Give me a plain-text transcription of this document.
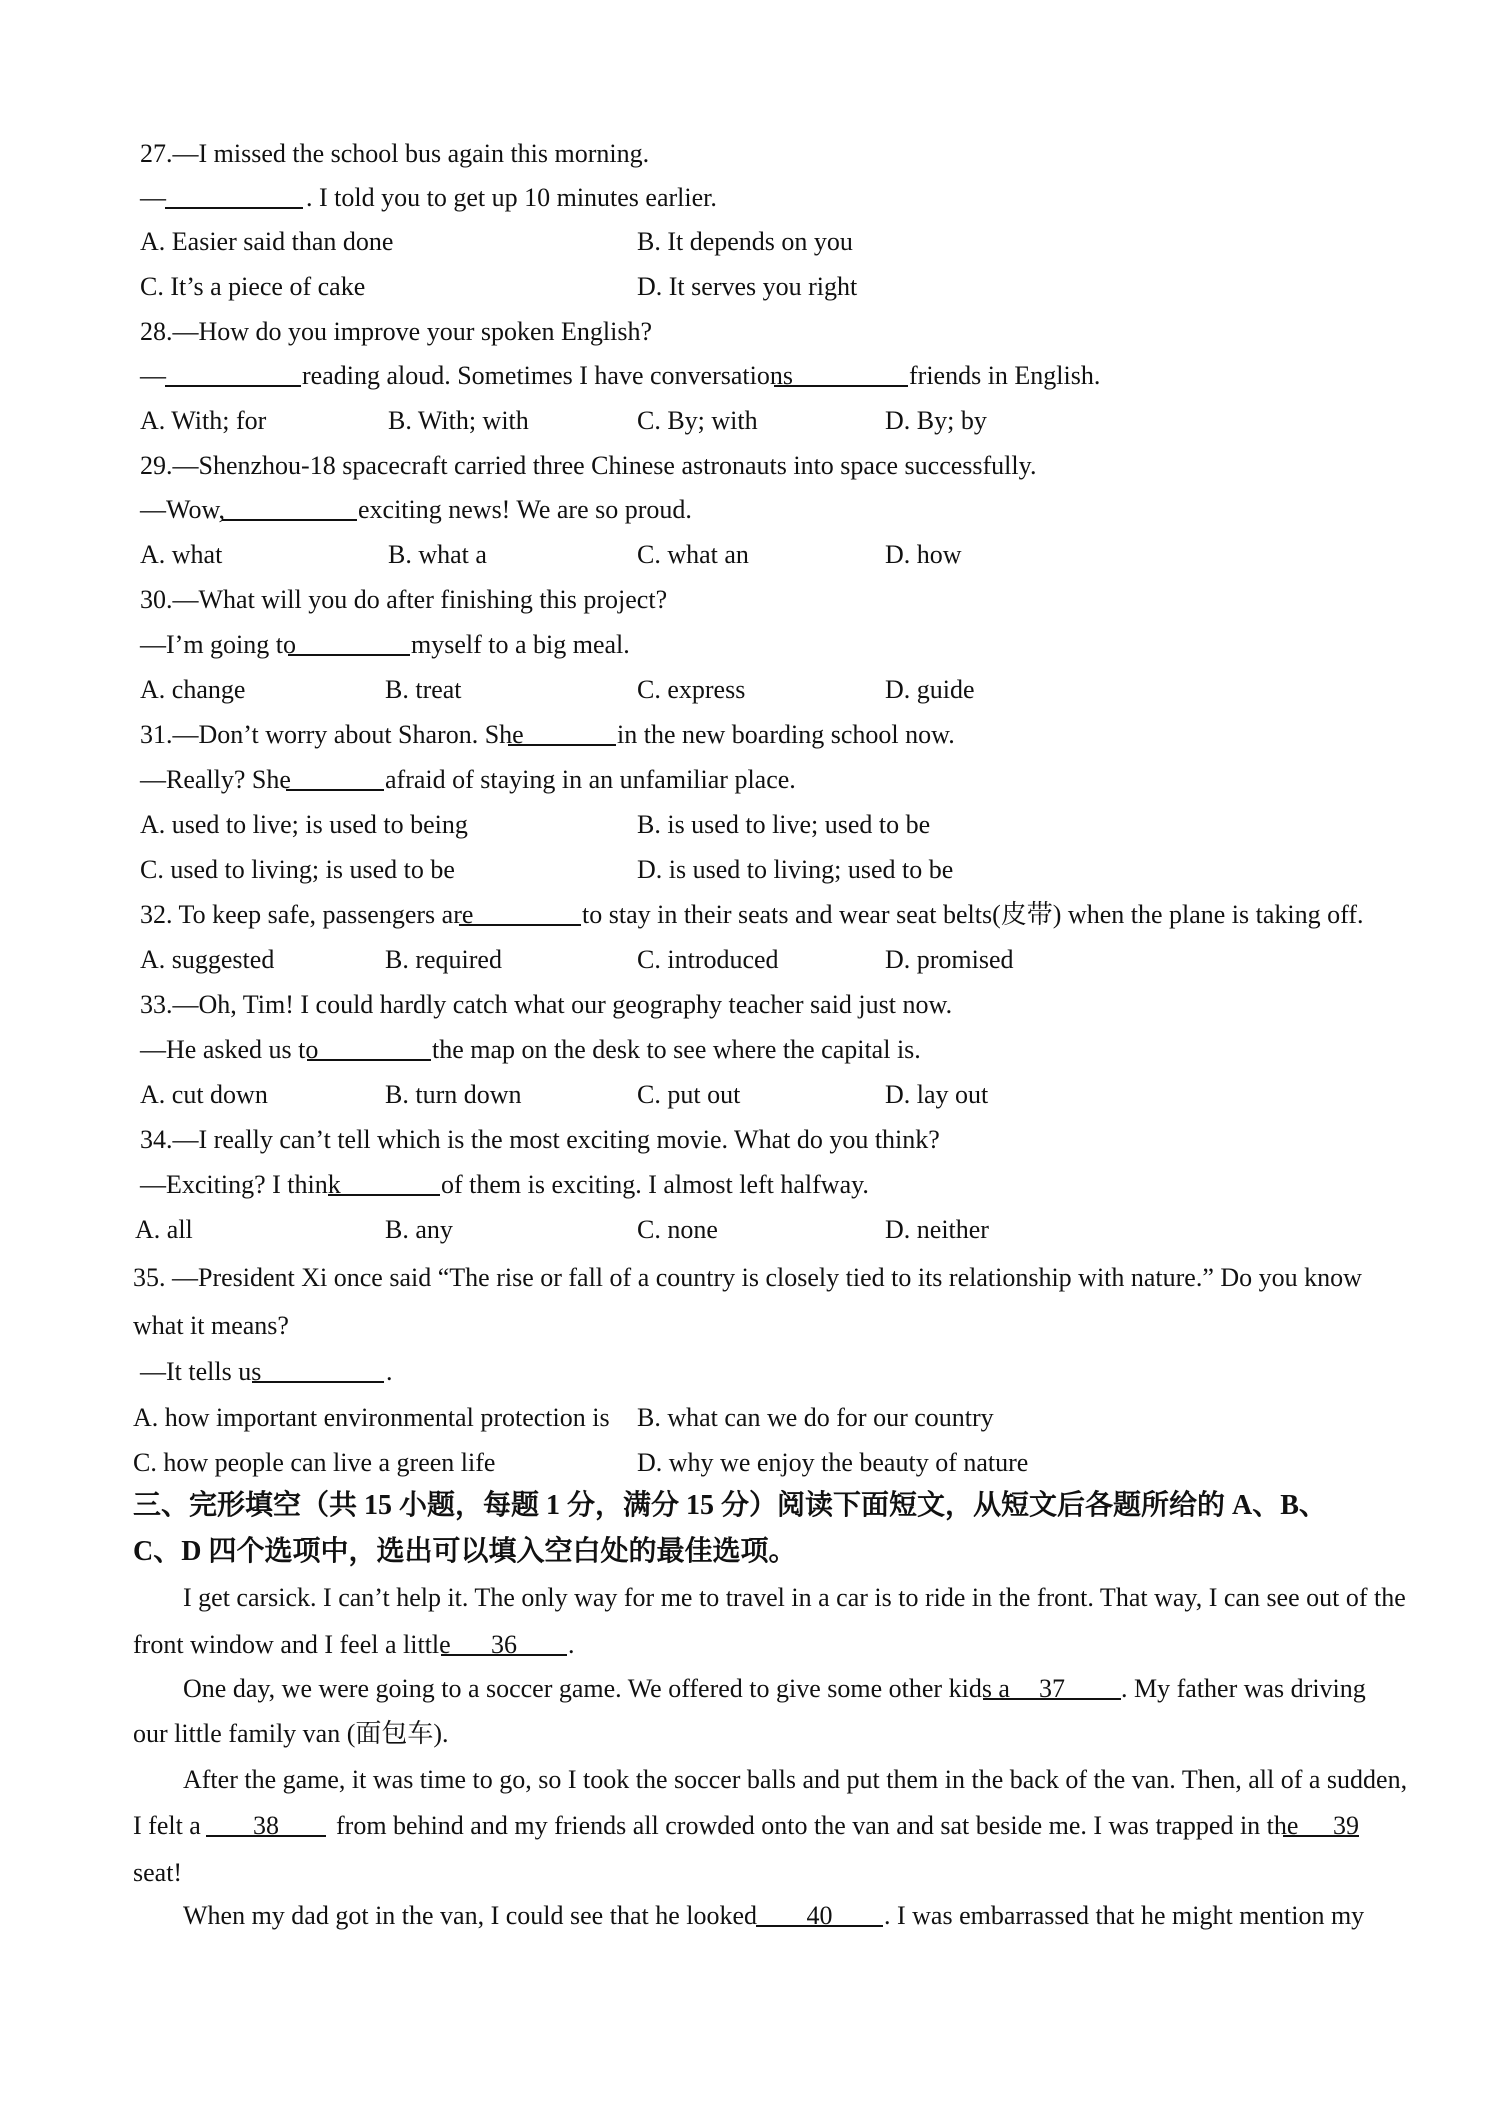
27.—I missed the school bus again this morning.
—	. I told you to get up 10 minutes earlier.
A. Easier said than done	B. It depends on you
C. It’s a piece of cake	D. It serves you right
28.—How do you improve your spoken English?
—	reading aloud. Sometimes I have conversations	friends in English.
A. With; for	B. With; with	C. By; with	D. By; by
29.—Shenzhou-18 spacecraft carried three Chinese astronauts into space successfully.
—Wow,	exciting news! We are so proud.
A. what	B. what a	C. what an	D. how
30.—What will you do after finishing this project?
—I’m going to	myself to a big meal.
A. change	B. treat	C. express	D. guide
31.—Don’t worry about Sharon. She	in the new boarding school now.
—Really? She	afraid of staying in an unfamiliar place.
A. used to live; is used to being	B. is used to live; used to be
C. used to living; is used to be	D. is used to living; used to be
32. To keep safe, passengers are	to stay in their seats and wear seat belts(皮带) when the plane is taking off.
A. suggested	B. required	C. introduced	D. promised
33.—Oh, Tim! I could hardly catch what our geography teacher said just now.
—He asked us to	the map on the desk to see where the capital is.
A. cut down	B. turn down	C. put out	D. lay out
34.—I really can’t tell which is the most exciting movie. What do you think?
—Exciting? I think	of them is exciting. I almost left halfway.
A. all	B. any	C. none	D. neither
35. —President Xi once said “The rise or fall of a country is closely tied to its relationship with nature.” Do you know
what it means?
—It tells us	.
A. how important environmental protection is B. what can we do for our country
C. how people can live a green life	D. why we enjoy the beauty of nature
三、完形填空（共 15 小题，每题 1 分，满分 15 分）阅读下面短文，从短文后各题所给的 A、B、
C、D 四个选项中，选出可以填入空白处的最佳选项。
I get carsick. I can’t help it. The only way for me to travel in a car is to ride in the front. That way, I can see out of the
front window and I feel a little	36	.
One day, we were going to a soccer game. We offered to give some other kids a	37	. My father was driving
our little family van (面包车).
After the game, it was time to go, so I took the soccer balls and put them in the back of the van. Then, all of a sudden,
I felt a	38	from behind and my friends all crowded onto the van and sat beside me. I was trapped in the	39
seat!
When my dad got in the van, I could see that he looked	40	. I was embarrassed that he might mention my
